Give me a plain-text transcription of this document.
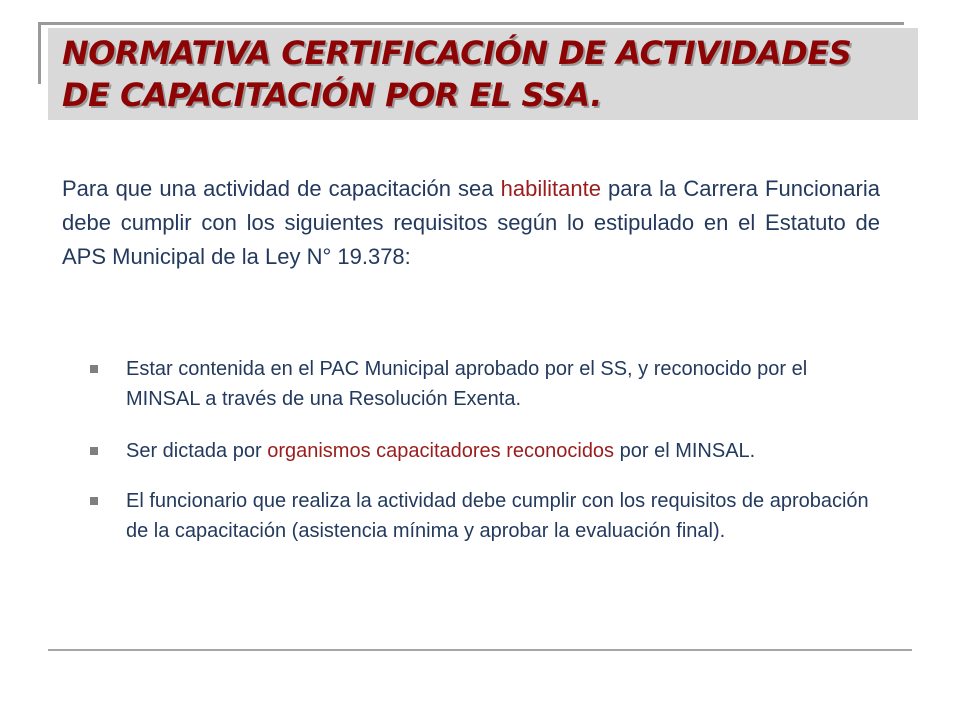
NORMATIVA CERTIFICACIÓN DE ACTIVIDADES
DE CAPACITACIÓN POR EL SSA.

Para que una actividad de capacitación sea habilitante para la Carrera Funcionaria debe cumplir con los siguientes requisitos según lo estipulado en el Estatuto de APS Municipal de la Ley N° 19.378:

Estar contenida en el PAC Municipal aprobado por el SS, y reconocido por el MINSAL a través de una Resolución Exenta.
Ser dictada por organismos capacitadores reconocidos por el MINSAL.
El funcionario que realiza la actividad debe cumplir con los requisitos de aprobación de la capacitación (asistencia mínima y aprobar la evaluación final).
